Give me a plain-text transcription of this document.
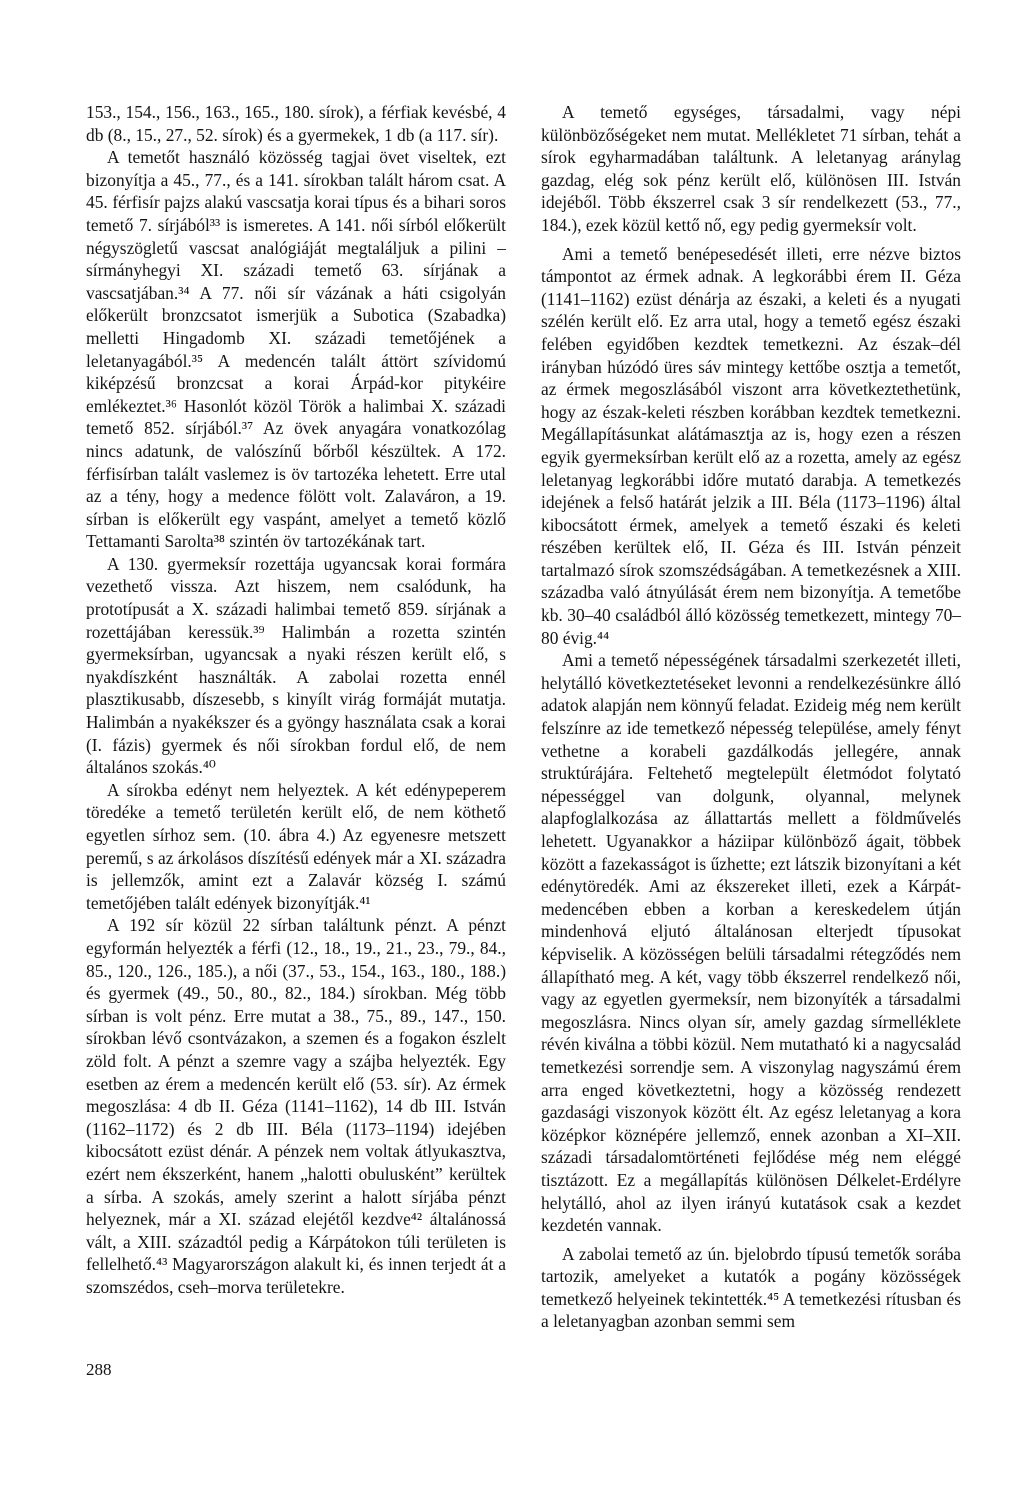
153., 154., 156., 163., 165., 180. sírok), a férfiak kevésbé, 4 db (8., 15., 27., 52. sírok) és a gyermekek, 1 db (a 117. sír).

A temetőt használó közösség tagjai övet viseltek, ezt bizonyítja a 45., 77., és a 141. sírokban talált három csat. A 45. férfisír pajzs alakú vascsatja korai típus és a bihari soros temető 7. sírjából³³ is ismeretes. A 141. női sírból előkerült négyszögletű vascsat analógiáját megtaláljuk a pilini – sírmányhegyi XI. századi temető 63. sírjának a vascsatjában.³⁴ A 77. női sír vázának a háti csigolyán előkerült bronzcsatot ismerjük a Subotica (Szabadka) melletti Hingadomb XI. századi temetőjének a leletanyagából.³⁵ A medencén talált áttört szívidomú kiképzésű bronzcsat a korai Árpád-kor pitykéire emlékeztet.³⁶ Hasonlót közöl Török a halimbai X. századi temető 852. sírjából.³⁷ Az övek anyagára vonatkozólag nincs adatunk, de valószínű bőrből készültek. A 172. férfisírban talált vaslemez is öv tartozéka lehetett. Erre utal az a tény, hogy a medence fölött volt. Zalaváron, a 19. sírban is előkerült egy vaspánt, amelyet a temető közlő Tettamanti Sarolta³⁸ szintén öv tartozékának tart.

A 130. gyermeksír rozettája ugyancsak korai formára vezethető vissza. Azt hiszem, nem csalódunk, ha prototípusát a X. századi halimbai temető 859. sírjának a rozettájában keressük.³⁹ Halimbán a rozetta szintén gyermeksírban, ugyancsak a nyaki részen került elő, s nyakdíszként használták. A zabolai rozetta ennél plasztikusabb, díszesebb, s kinyílt virág formáját mutatja. Halimbán a nyakékszer és a gyöngy használata csak a korai (I. fázis) gyermek és női sírokban fordul elő, de nem általános szokás.⁴⁰

A sírokba edényt nem helyeztek. A két edénypeperem töredéke a temető területén került elő, de nem köthető egyetlen sírhoz sem. (10. ábra 4.) Az egyenesre metszett peremű, s az árkolásos díszítésű edények már a XI. századra is jellemzők, amint ezt a Zalavár község I. számú temetőjében talált edények bizonyítják.⁴¹

A 192 sír közül 22 sírban találtunk pénzt. A pénzt egyformán helyezték a férfi (12., 18., 19., 21., 23., 79., 84., 85., 120., 126., 185.), a női (37., 53., 154., 163., 180., 188.) és gyermek (49., 50., 80., 82., 184.) sírokban. Még több sírban is volt pénz. Erre mutat a 38., 75., 89., 147., 150. sírokban lévő csontvázakon, a szemen és a fogakon észlelt zöld folt. A pénzt a szemre vagy a szájba helyezték. Egy esetben az érem a medencén került elő (53. sír). Az érmek megoszlása: 4 db II. Géza (1141–1162), 14 db III. István (1162–1172) és 2 db III. Béla (1173–1194) idejében kibocsátott ezüst dénár. A pénzek nem voltak átlyukasztva, ezért nem ékszerként, hanem „halotti obulusként” kerültek a sírba. A szokás, amely szerint a halott sírjába pénzt helyeznek, már a XI. század elejétől kezdve⁴² általánossá vált, a XIII. századtól pedig a Kárpátokon túli területen is fellelhető.⁴³ Magyarországon alakult ki, és innen terjedt át a szomszédos, cseh–morva területekre.

A temető egységes, társadalmi, vagy népi különbözőségeket nem mutat. Mellékletet 71 sírban, tehát a sírok egyharmadában találtunk. A leletanyag aránylag gazdag, elég sok pénz került elő, különösen III. István idejéből. Több ékszerrel csak 3 sír rendelkezett (53., 77., 184.), ezek közül kettő nő, egy pedig gyermeksír volt.

Ami a temető benépesedését illeti, erre nézve biztos támpontot az érmek adnak. A legkorábbi érem II. Géza (1141–1162) ezüst dénárja az északi, a keleti és a nyugati szélén került elő. Ez arra utal, hogy a temető egész északi felében egyidőben kezdtek temetkezni. Az észak–dél irányban húzódó üres sáv mintegy kettőbe osztja a temetőt, az érmek megoszlásából viszont arra következtethetünk, hogy az észak-keleti részben korábban kezdtek temetkezni. Megállapításunkat alátámasztja az is, hogy ezen a részen egyik gyermeksírban került elő az a rozetta, amely az egész leletanyag legkorábbi időre mutató darabja. A temetkezés idejének a felső határát jelzik a III. Béla (1173–1196) által kibocsátott érmek, amelyek a temető északi és keleti részében kerültek elő, II. Géza és III. István pénzeit tartalmazó sírok szomszédságában. A temetkezésnek a XIII. századba való átnyúlását érem nem bizonyítja. A temetőbe kb. 30–40 családból álló közösség temetkezett, mintegy 70–80 évig.⁴⁴

Ami a temető népességének társadalmi szerkezetét illeti, helytálló következtetéseket levonni a rendelkezésünkre álló adatok alapján nem könnyű feladat. Ezideig még nem került felszínre az ide temetkező népesség települése, amely fényt vethetne a korabeli gazdálkodás jellegére, annak struktúrájára. Feltehető megtelepült életmódot folytató népességgel van dolgunk, olyannal, melynek alapfoglalkozása az állattartás mellett a földművelés lehetett. Ugyanakkor a háziipar különböző ágait, többek között a fazekasságot is űzhette; ezt látszik bizonyítani a két edénytöredék. Ami az ékszereket illeti, ezek a Kárpát-medencében ebben a korban a kereskedelem útján mindenhová eljutó általánosan elterjedt típusokat képviselik. A közösségen belüli társadalmi rétegződés nem állapítható meg. A két, vagy több ékszerrel rendelkező női, vagy az egyetlen gyermeksír, nem bizonyíték a társadalmi megoszlásra. Nincs olyan sír, amely gazdag sírmelléklete révén kiválna a többi közül. Nem mutatható ki a nagycsalád temetkezési sorrendje sem. A viszonylag nagyszámú érem arra enged következtetni, hogy a közösség rendezett gazdasági viszonyok között élt. Az egész leletanyag a kora középkor köznépére jellemző, ennek azonban a XI–XII. századi társadalomtörténeti fejlődése még nem eléggé tisztázott. Ez a megállapítás különösen Délkelet-Erdélyre helytálló, ahol az ilyen irányú kutatások csak a kezdet kezdetén vannak.

A zabolai temető az ún. bjelobrdo típusú temetők sorába tartozik, amelyeket a kutatók a pogány közösségek temetkező helyeinek tekintették.⁴⁵ A temetkezési rítusban és a leletanyagban azonban semmi sem

288
